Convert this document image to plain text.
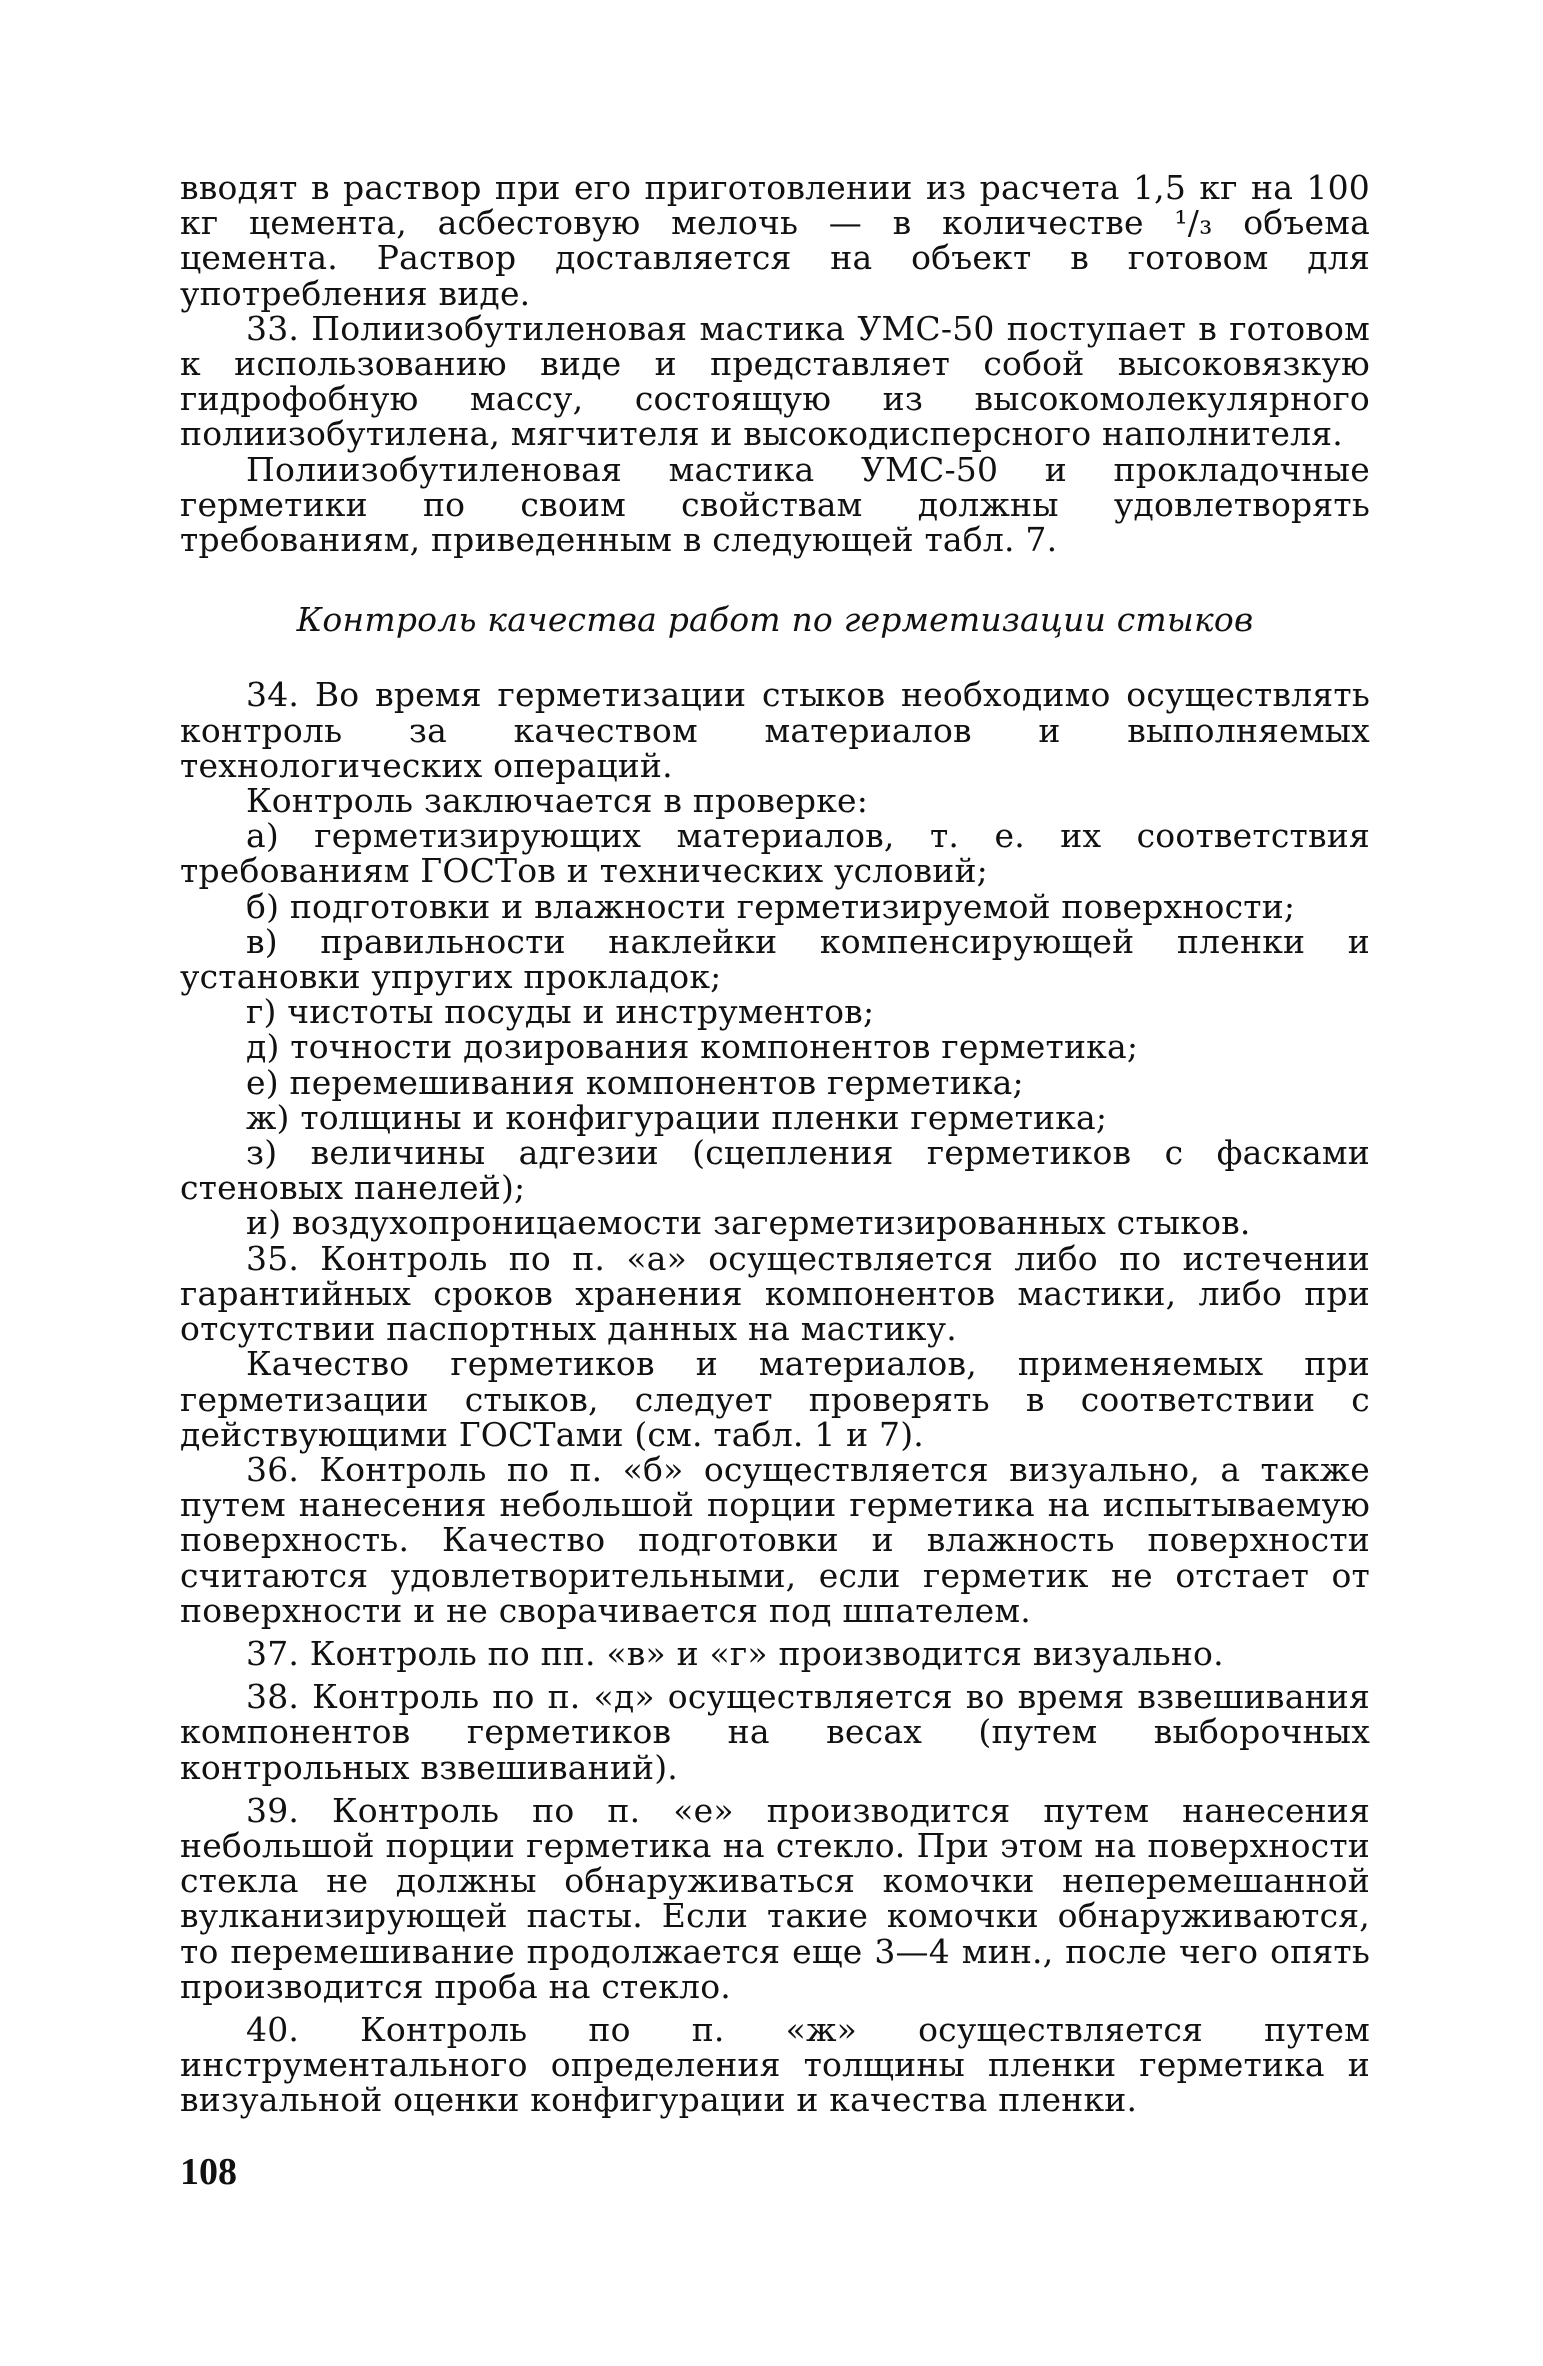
вводят в раствор при его приготовлении из расчета 1,5 кг на 100 кг цемента, асбестовую мелочь — в количестве ¹/₃ объема цемента. Раствор доставляется на объект в готовом для употребления виде.

33. Полиизобутиленовая мастика УМС-50 поступает в готовом к использованию виде и представляет собой высоковязкую гидрофобную массу, состоящую из высокомолекулярного полиизобутилена, мягчителя и высокодисперсного наполнителя.

Полиизобутиленовая мастика УМС-50 и прокладочные герметики по своим свойствам должны удовлетворять требованиям, приведенным в следующей табл. 7.

Контроль качества работ по герметизации стыков

34. Во время герметизации стыков необходимо осуществлять контроль за качеством материалов и выполняемых технологических операций.

Контроль заключается в проверке:

а) герметизирующих материалов, т. е. их соответствия требованиям ГОСТов и технических условий;

б) подготовки и влажности герметизируемой поверхности;

в) правильности наклейки компенсирующей пленки и установки упругих прокладок;

г) чистоты посуды и инструментов;

д) точности дозирования компонентов герметика;

е) перемешивания компонентов герметика;

ж) толщины и конфигурации пленки герметика;

з) величины адгезии (сцепления герметиков с фасками стеновых панелей);

и) воздухопроницаемости загерметизированных стыков.

35. Контроль по п. «а» осуществляется либо по истечении гарантийных сроков хранения компонентов мастики, либо при отсутствии паспортных данных на мастику.

Качество герметиков и материалов, применяемых при герметизации стыков, следует проверять в соответствии с действующими ГОСТами (см. табл. 1 и 7).

36. Контроль по п. «б» осуществляется визуально, а также путем нанесения небольшой порции герметика на испытываемую поверхность. Качество подготовки и влажность поверхности считаются удовлетворительными, если герметик не отстает от поверхности и не сворачивается под шпателем.

37. Контроль по пп. «в» и «г» производится визуально.

38. Контроль по п. «д» осуществляется во время взвешивания компонентов герметиков на весах (путем выборочных контрольных взвешиваний).

39. Контроль по п. «е» производится путем нанесения небольшой порции герметика на стекло. При этом на поверхности стекла не должны обнаруживаться комочки неперемешанной вулканизирующей пасты. Если такие комочки обнаруживаются, то перемешивание продолжается еще 3—4 мин., после чего опять производится проба на стекло.

40. Контроль по п. «ж» осуществляется путем инструментального определения толщины пленки герметика и визуальной оценки конфигурации и качества пленки.

108
